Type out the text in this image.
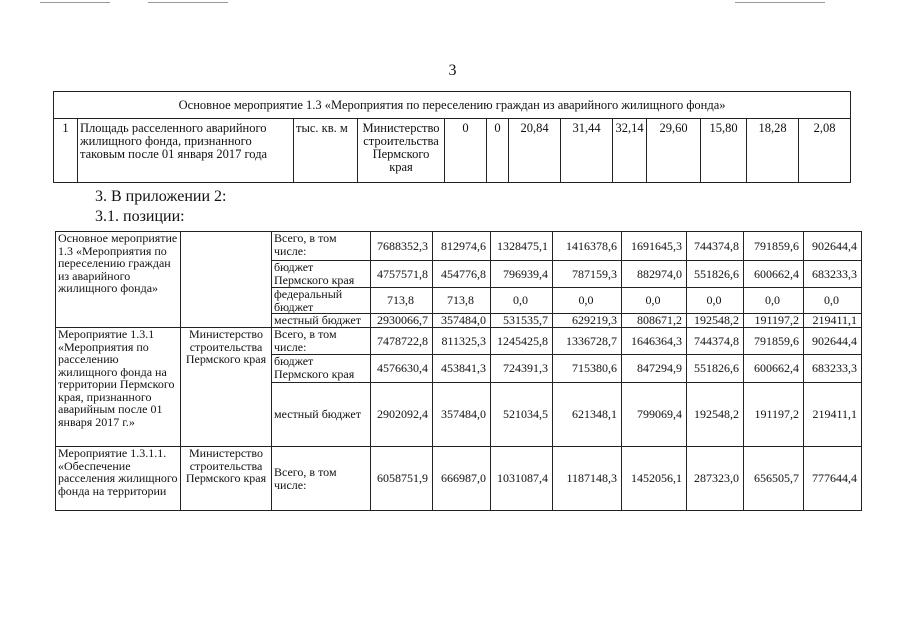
3
Основное мероприятие 1.3 «Мероприятия по переселению граждан из аварийного жилищного фонда»
1	Площадь расселенного аварийного жилищного фонда, признанного таковым после 01 января 2017 года	тыс. кв. м	Министерство строительства Пермского края	0	0	20,84	31,44	32,14	29,60	15,80	18,28	2,08
3. В приложении 2:
3.1. позиции:
Основное мероприятие 1.3 «Мероприятия по переселению граждан из аварийного жилищного фонда»		Всего, в том числе:	7688352,3	812974,6	1328475,1	1416378,6	1691645,3	744374,8	791859,6	902644,4
		бюджет Пермского края	4757571,8	454776,8	796939,4	787159,3	882974,0	551826,6	600662,4	683233,3
		федеральный бюджет	713,8	713,8	0,0	0,0	0,0	0,0	0,0	0,0
		местный бюджет	2930066,7	357484,0	531535,7	629219,3	808671,2	192548,2	191197,2	219411,1
Мероприятие 1.3.1 «Мероприятия по расселению жилищного фонда на территории Пермского края, признанного аварийным после 01 января 2017 г.»	Министерство строительства Пермского края	Всего, в том числе:	7478722,8	811325,3	1245425,8	1336728,7	1646364,3	744374,8	791859,6	902644,4
		бюджет Пермского края	4576630,4	453841,3	724391,3	715380,6	847294,9	551826,6	600662,4	683233,3
		местный бюджет	2902092,4	357484,0	521034,5	621348,1	799069,4	192548,2	191197,2	219411,1
Мероприятие 1.3.1.1. «Обеспечение расселения жилищного фонда на территории	Министерство строительства Пермского края	Всего, в том числе:	6058751,9	666987,0	1031087,4	1187148,3	1452056,1	287323,0	656505,7	777644,4
